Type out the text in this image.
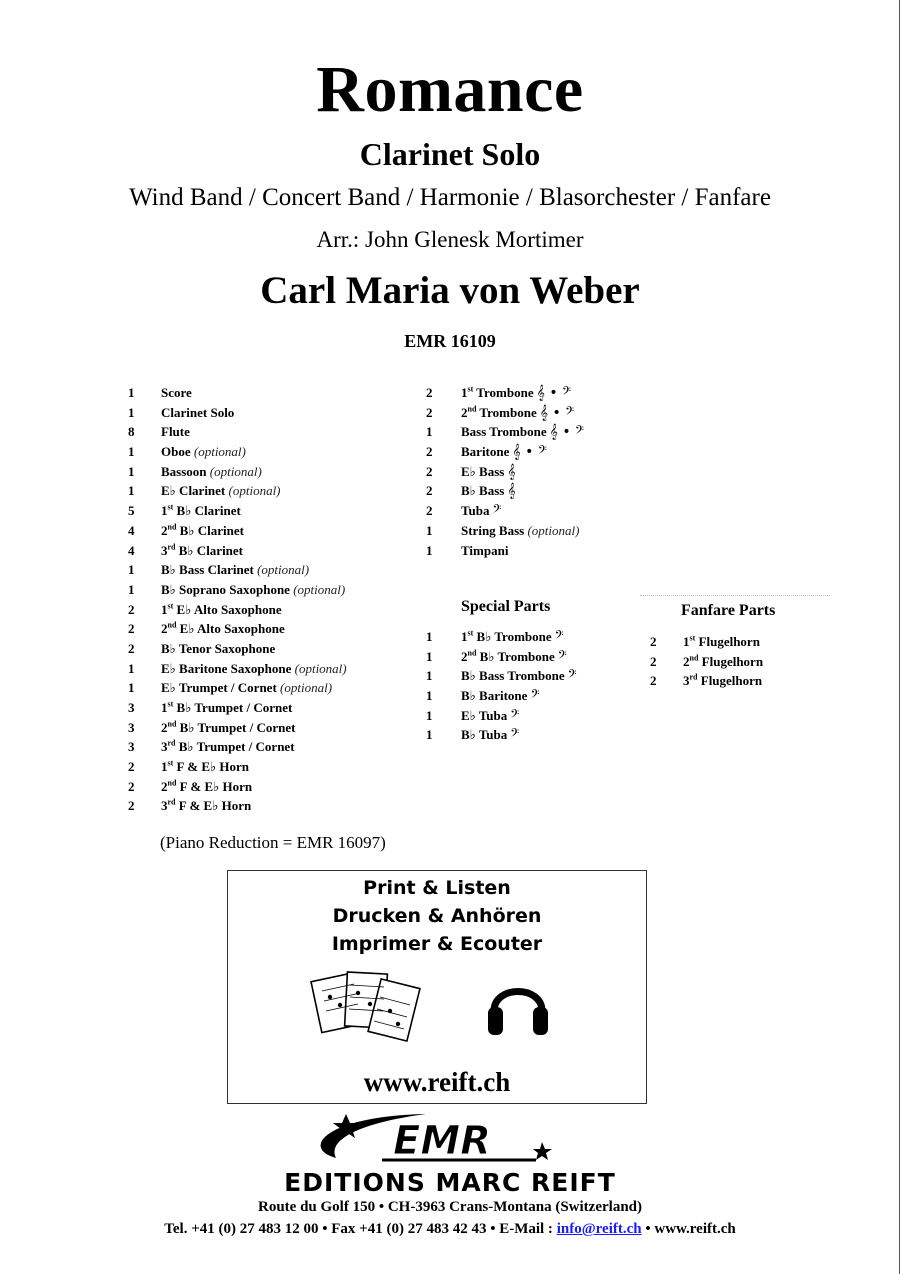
Romance
Clarinet Solo
Wind Band / Concert Band / Harmonie / Blasorchester / Fanfare
Arr.: John Glenesk Mortimer
Carl Maria von Weber
EMR 16109
1 Score
1 Clarinet Solo
8 Flute
1 Oboe (optional)
1 Bassoon (optional)
1 E♭ Clarinet (optional)
5 1st B♭ Clarinet
4 2nd B♭ Clarinet
4 3rd B♭ Clarinet
1 B♭ Bass Clarinet (optional)
1 B♭ Soprano Saxophone (optional)
2 1st E♭ Alto Saxophone
2 2nd E♭ Alto Saxophone
2 B♭ Tenor Saxophone
1 E♭ Baritone Saxophone (optional)
1 E♭ Trumpet / Cornet (optional)
3 1st B♭ Trumpet / Cornet
3 2nd B♭ Trumpet / Cornet
3 3rd B♭ Trumpet / Cornet
2 1st F & E♭ Horn
2 2nd F & E♭ Horn
2 3rd F & E♭ Horn
2 1st Trombone 𝄞 • 𝄢
2 2nd Trombone 𝄞 • 𝄢
1 Bass Trombone 𝄞 • 𝄢
2 Baritone 𝄞 • 𝄢
2 E♭ Bass 𝄞
2 B♭ Bass 𝄞
2 Tuba 𝄢
1 String Bass (optional)
1 Timpani
Special Parts
1 1st B♭ Trombone 𝄢
1 2nd B♭ Trombone 𝄢
1 B♭ Bass Trombone 𝄢
1 B♭ Baritone 𝄢
1 E♭ Tuba 𝄢
1 B♭ Tuba 𝄢
Fanfare Parts
2 1st Flugelhorn
2 2nd Flugelhorn
2 3rd Flugelhorn
(Piano Reduction = EMR 16097)
Print & Listen
Drucken & Anhören
Imprimer & Ecouter
www.reift.ch
EMR
EDITIONS MARC REIFT
Route du Golf 150 • CH-3963 Crans-Montana (Switzerland)
Tel. +41 (0) 27 483 12 00 • Fax +41 (0) 27 483 42 43 • E-Mail : info@reift.ch • www.reift.ch
